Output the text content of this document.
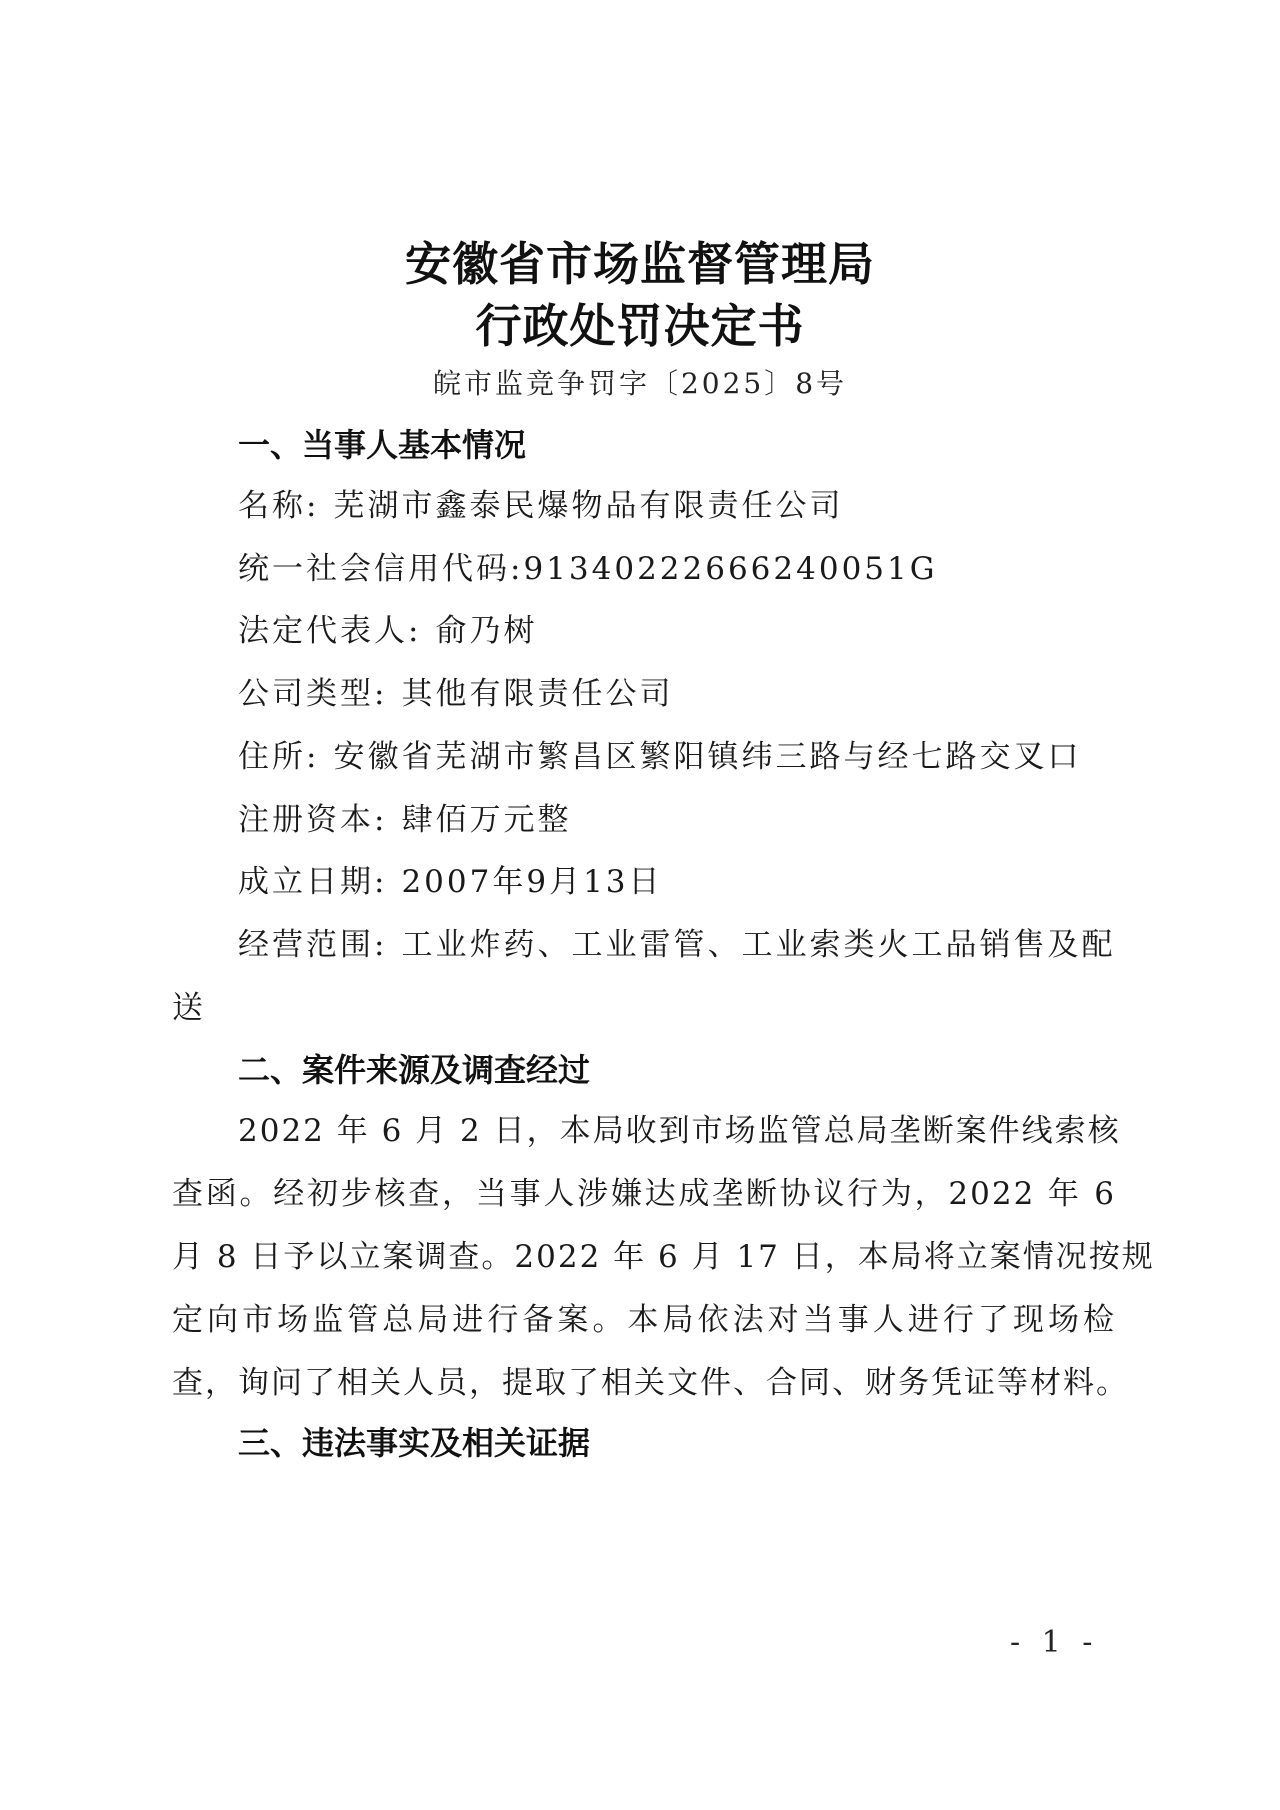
安徽省市场监督管理局
行政处罚决定书
皖市监竞争罚字〔2025〕8号
一、当事人基本情况
名称: 芜湖市鑫泰民爆物品有限责任公司
统一社会信用代码:91340222666240051G
法定代表人: 俞乃树
公司类型: 其他有限责任公司
住所: 安徽省芜湖市繁昌区繁阳镇纬三路与经七路交叉口
注册资本: 肆佰万元整
成立日期: 2007年9月13日
经营范围: 工业炸药、工业雷管、工业索类火工品销售及配
送
二、案件来源及调查经过
2022 年 6 月 2 日，本局收到市场监管总局垄断案件线索核
查函。经初步核查，当事人涉嫌达成垄断协议行为，2022 年 6
月 8 日予以立案调查。2022 年 6 月 17 日，本局将立案情况按规
定向市场监管总局进行备案。本局依法对当事人进行了现场检
查，询问了相关人员，提取了相关文件、合同、财务凭证等材料。
三、违法事实及相关证据
- 1 -
